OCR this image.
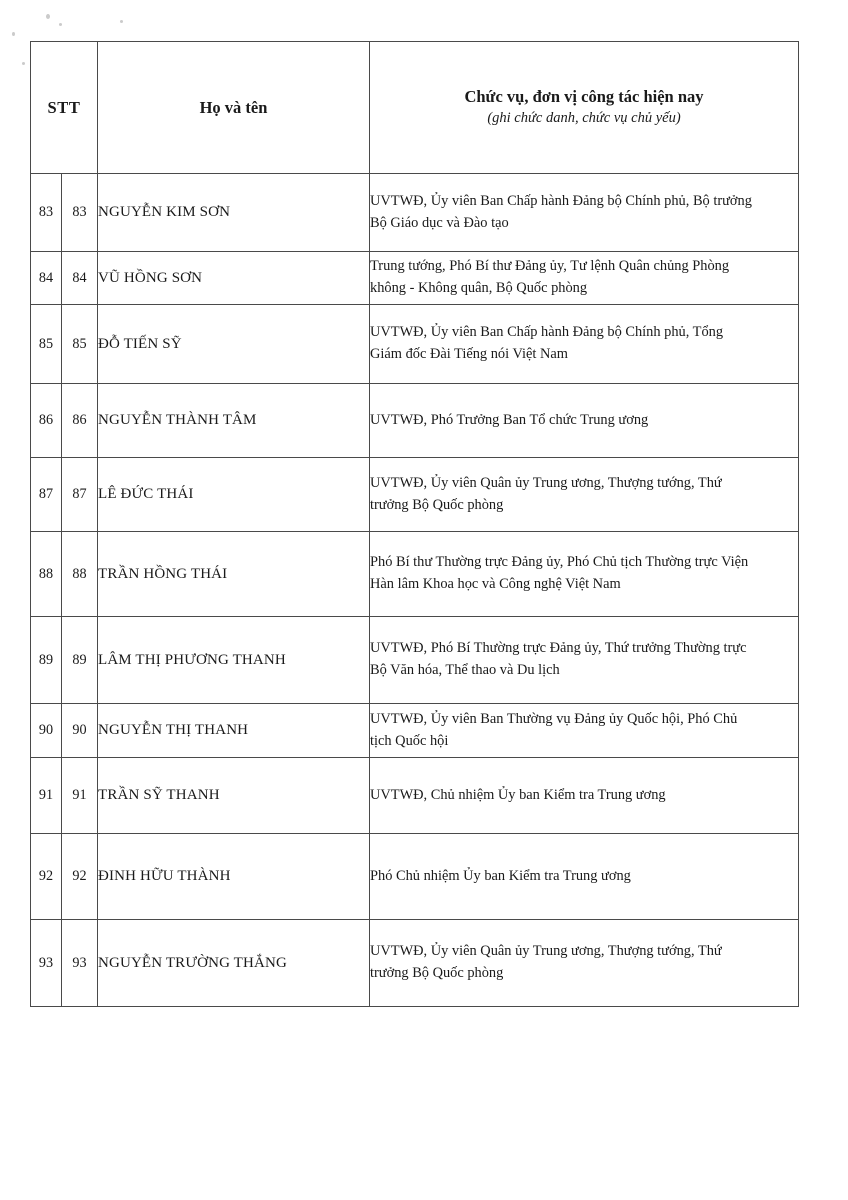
STT		Họ và tên	Chức vụ, đơn vị công tác hiện nay
(ghi chức danh, chức vụ chủ yếu)

83	83	NGUYỄN KIM SƠN	UVTWĐ, Ủy viên Ban Chấp hành Đảng bộ Chính phủ, Bộ trưởng
Bộ Giáo dục và Đào tạo

84	84	VŨ HỒNG SƠN	Trung tướng, Phó Bí thư Đảng ủy, Tư lệnh Quân chủng Phòng
không - Không quân, Bộ Quốc phòng

85	85	ĐỖ TIẾN SỸ	UVTWĐ, Ủy viên Ban Chấp hành Đảng bộ Chính phủ, Tổng
Giám đốc Đài Tiếng nói Việt Nam

86	86	NGUYỄN THÀNH TÂM	UVTWĐ, Phó Trưởng Ban Tổ chức Trung ương

87	87	LÊ ĐỨC THÁI	UVTWĐ, Ủy viên Quân ủy Trung ương, Thượng tướng, Thứ
trưởng Bộ Quốc phòng

88	88	TRẦN HỒNG THÁI	Phó Bí thư Thường trực Đảng ủy, Phó Chủ tịch Thường trực Viện
Hàn lâm Khoa học và Công nghệ Việt Nam

89	89	LÂM THỊ PHƯƠNG THANH	UVTWĐ, Phó Bí Thường trực Đảng ủy, Thứ trưởng Thường trực
Bộ Văn hóa, Thể thao và Du lịch

90	90	NGUYỄN THỊ THANH	UVTWĐ, Ủy viên Ban Thường vụ Đảng ủy Quốc hội, Phó Chủ
tịch Quốc hội

91	91	TRẦN SỸ THANH	UVTWĐ, Chủ nhiệm Ủy ban Kiểm tra Trung ương

92	92	ĐINH HỮU THÀNH	Phó Chủ nhiệm Ủy ban Kiểm tra Trung ương

93	93	NGUYỄN TRƯỜNG THẮNG	UVTWĐ, Ủy viên Quân ủy Trung ương, Thượng tướng, Thứ
trưởng Bộ Quốc phòng
